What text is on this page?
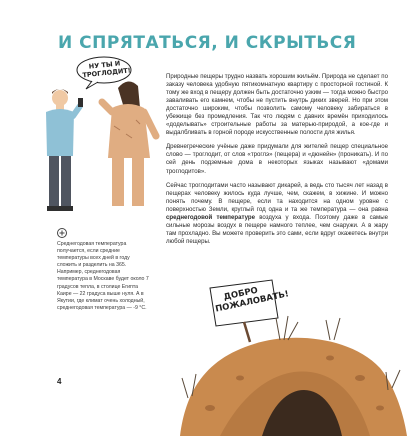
И СПРЯТАТЬСЯ, И СКРЫТЬСЯ
НУ ТЫ И ТРОГЛОДИТ!	Природные пещеры трудно назвать хорошим жильём. Природа не сделает по заказу человека удобную пятикомнатную квартиру с просторной гостиной. К тому же вход в пещеру должен быть достаточно узким — тогда можно быстро заваливать его камнем, чтобы не пустить внутрь диких зверей. Но при этом достаточно широким, чтобы позволить самому человеку забираться в убежище без промедления. Так что людям с давних времён приходилось «доделывать» строительные работы за матерью-природой, а кое-где и выдалбливать в горной породе искусственные полости для жилья.

Древнегреческие учёные даже придумали для жителей пещер специальное слово — троглодит, от слов «троглэ» (пещера) и «дюнейн» (проникать). И по сей день подземные дома в некоторых языках называют «домами троглодитов».

Сейчас троглодитами часто называют дикарей, а ведь сто тысяч лет назад в пещерах человеку жилось куда лучше, чем, скажем, в хижине. И можно понять почему. В пещере, если та находится на одном уровне с поверхностью Земли, круглый год одна и та же температура — она равна среднегодовой температуре воздуха у входа. Поэтому даже в самые сильные морозы воздух в пещере намного теплее, чем снаружи. А в жару там прохладно. Вы можете проверить это сами, если вдруг окажетесь внутри любой пещеры.

Среднегодовая температура получается, если средние температуры всех дней в году сложить и разделить на 365. Например, среднегодовая температура в Москаве будет около 7 градусов тепла, в столице Египта Каире — 22 градуса выше нуля. А в Якутии, где климат очень холодный, среднегодовая температура — -9 °C.

ДОБРО ПОЖАЛОВАТЬ!
4
